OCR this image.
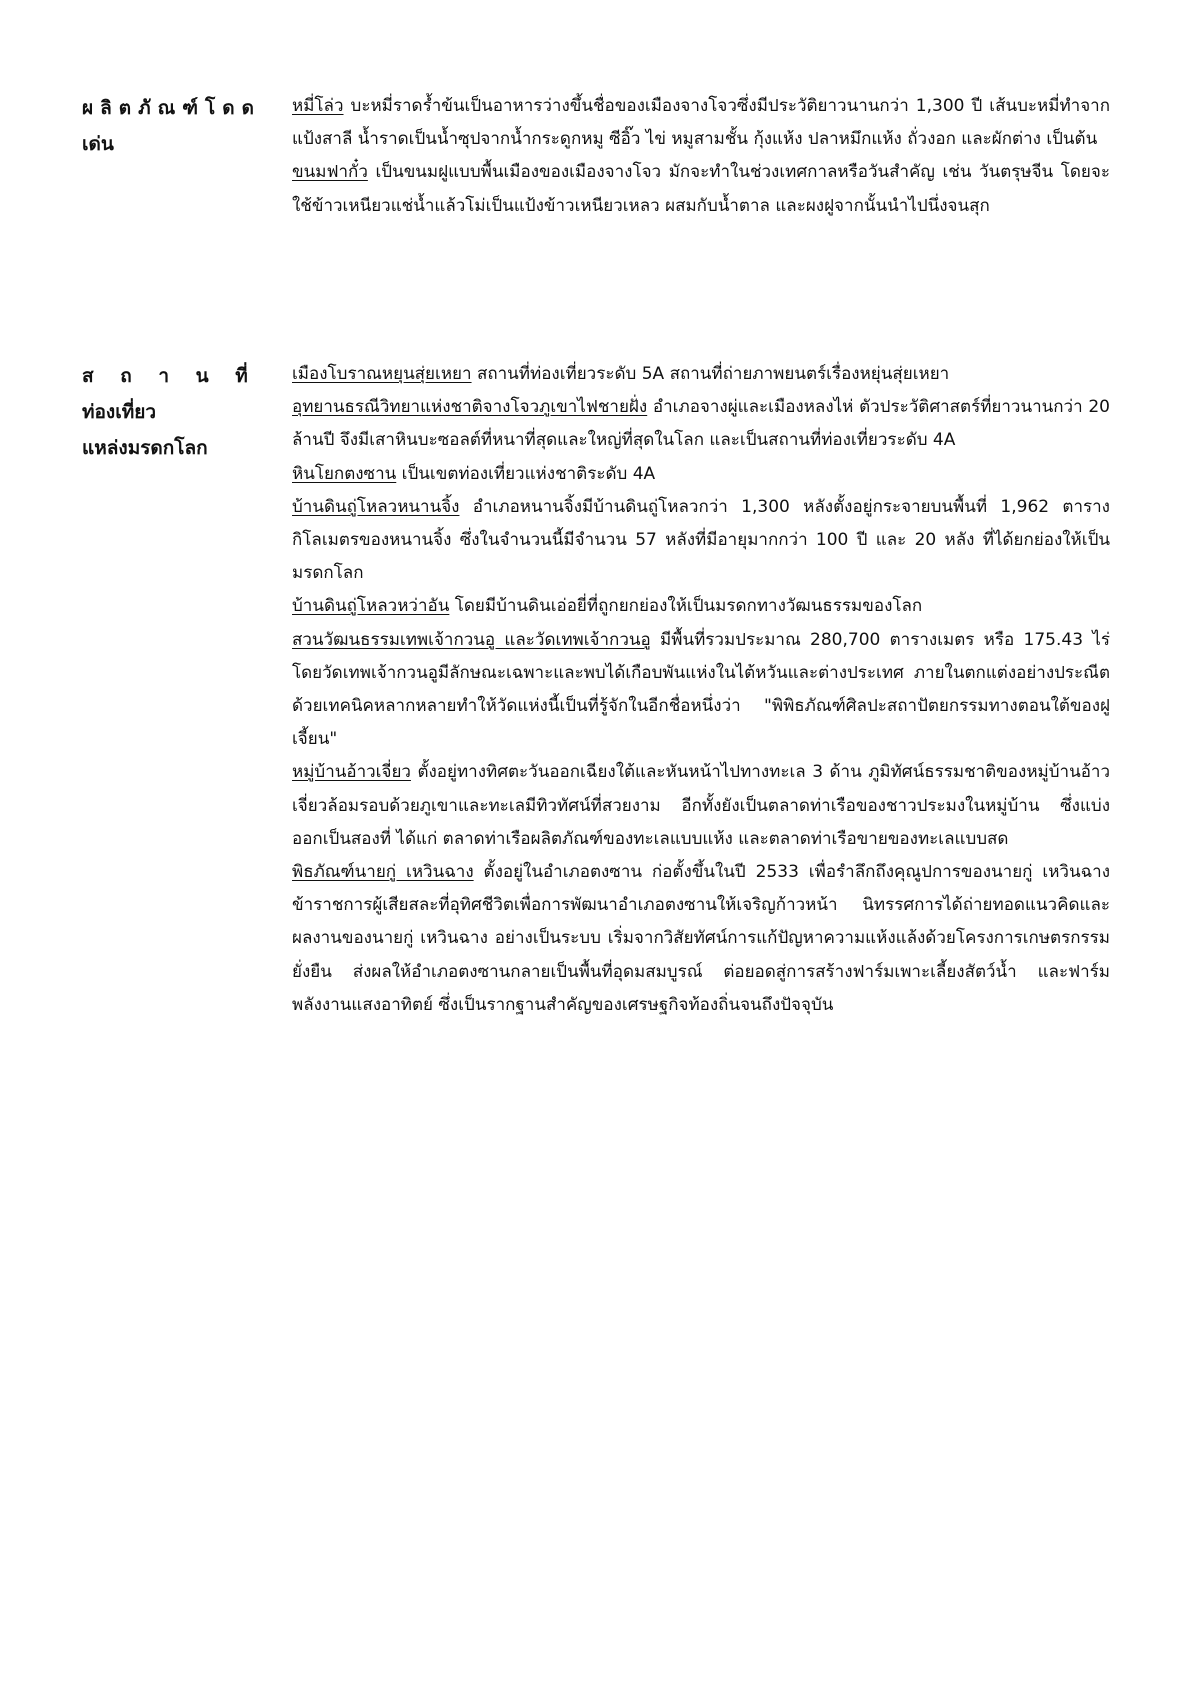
ผลิตภัณฑ์โดด

เด่น

หมี่โล่ว บะหมี่ราดร้ำข้นเป็นอาหารว่างขึ้นชื่อของเมืองจางโจวซึ่งมีประวัติยาวนานกว่า 1,300 ปี เส้นบะหมี่ทำจากแป้งสาลี น้ำราดเป็นน้ำซุปจากน้ำกระดูกหมู ซีอิ๊ว ไข่ หมูสามชั้น กุ้งแห้ง ปลาหมึกแห้ง ถั่วงอก และผักต่าง เป็นต้น

ขนมฟากั๋ว เป็นขนมฝูแบบพื้นเมืองของเมืองจางโจว มักจะทำในช่วงเทศกาลหรือวันสำคัญ เช่น วันตรุษจีน โดยจะใช้ข้าวเหนียวแช่น้ำแล้วโม่เป็นแป้งข้าวเหนียวเหลว ผสมกับน้ำตาล และผงฝูจากนั้นนำไปนึ่งจนสุก

ส ถ า น ที่

ท่องเที่ยว

แหล่งมรดกโลก

เมืองโบราณหยุนสุ่ยเหยา สถานที่ท่องเที่ยวระดับ 5A สถานที่ถ่ายภาพยนตร์เรื่องหยุ่นสุ่ยเหยา

อุทยานธรณีวิทยาแห่งชาติจางโจวภูเขาไฟชายฝั่ง อำเภอจางผู่และเมืองหลงไห่ ตัวประวัติศาสตร์ที่ยาวนานกว่า 20 ล้านปี จึงมีเสาหินบะซอลต์ที่หนาที่สุดและใหญ่ที่สุดในโลก และเป็นสถานที่ท่องเที่ยวระดับ 4A

หินโยกตงซาน เป็นเขตท่องเที่ยวแห่งชาติระดับ 4A

บ้านดินถู่โหลวหนานจิ้ง อำเภอหนานจิ้งมีบ้านดินถู่โหลวกว่า 1,300 หลังตั้งอยู่กระจายบนพื้นที่ 1,962 ตารางกิโลเมตรของหนานจิ้ง ซึ่งในจำนวนนี้มีจำนวน 57 หลังที่มีอายุมากกว่า 100 ปี และ 20 หลัง ที่ได้ยกย่องให้เป็นมรดกโลก

บ้านดินถู่โหลวหว่าอัน โดยมีบ้านดินเอ่อยี่ที่ถูกยกย่องให้เป็นมรดกทางวัฒนธรรมของโลก

สวนวัฒนธรรมเทพเจ้ากวนอู และวัดเทพเจ้ากวนอู มีพื้นที่รวมประมาณ 280,700 ตารางเมตร หรือ 175.43 ไร่ โดยวัดเทพเจ้ากวนอูมีลักษณะเฉพาะและพบได้เกือบพันแห่งในไต้หวันและต่างประเทศ ภายในตกแต่งอย่างประณีตด้วยเทคนิคหลากหลายทำให้วัดแห่งนี้เป็นที่รู้จักในอีกชื่อหนึ่งว่า "พิพิธภัณฑ์ศิลปะสถาปัตยกรรมทางตอนใต้ของฝูเจี้ยน"

หมู่บ้านอ้าวเจี่ยว ตั้งอยู่ทางทิศตะวันออกเฉียงใต้และหันหน้าไปทางทะเล 3 ด้าน ภูมิทัศน์ธรรมชาติของหมู่บ้านอ้าวเจี่ยวล้อมรอบด้วยภูเขาและทะเลมีทิวทัศน์ที่สวยงาม อีกทั้งยังเป็นตลาดท่าเรือของชาวประมงในหมู่บ้าน ซึ่งแบ่งออกเป็นสองที่ ได้แก่ ตลาดท่าเรือผลิตภัณฑ์ของทะเลแบบแห้ง และตลาดท่าเรือขายของทะเลแบบสด

พิธภัณฑ์นายกู่ เหวินฉาง ตั้งอยู่ในอำเภอตงซาน ก่อตั้งขึ้นในปี 2533 เพื่อรำลึกถึงคุณูปการของนายกู่ เหวินฉาง ข้าราชการผู้เสียสละที่อุทิศชีวิตเพื่อการพัฒนาอำเภอตงซานให้เจริญก้าวหน้า นิทรรศการได้ถ่ายทอดแนวคิดและผลงานของนายกู่ เหวินฉาง อย่างเป็นระบบ เริ่มจากวิสัยทัศน์การแก้ปัญหาความแห้งแล้งด้วยโครงการเกษตรกรรมยั่งยืน ส่งผลให้อำเภอตงซานกลายเป็นพื้นที่อุดมสมบูรณ์ ต่อยอดสู่การสร้างฟาร์มเพาะเลี้ยงสัตว์น้ำ และฟาร์มพลังงานแสงอาทิตย์ ซึ่งเป็นรากฐานสำคัญของเศรษฐกิจท้องถิ่นจนถึงปัจจุบัน
